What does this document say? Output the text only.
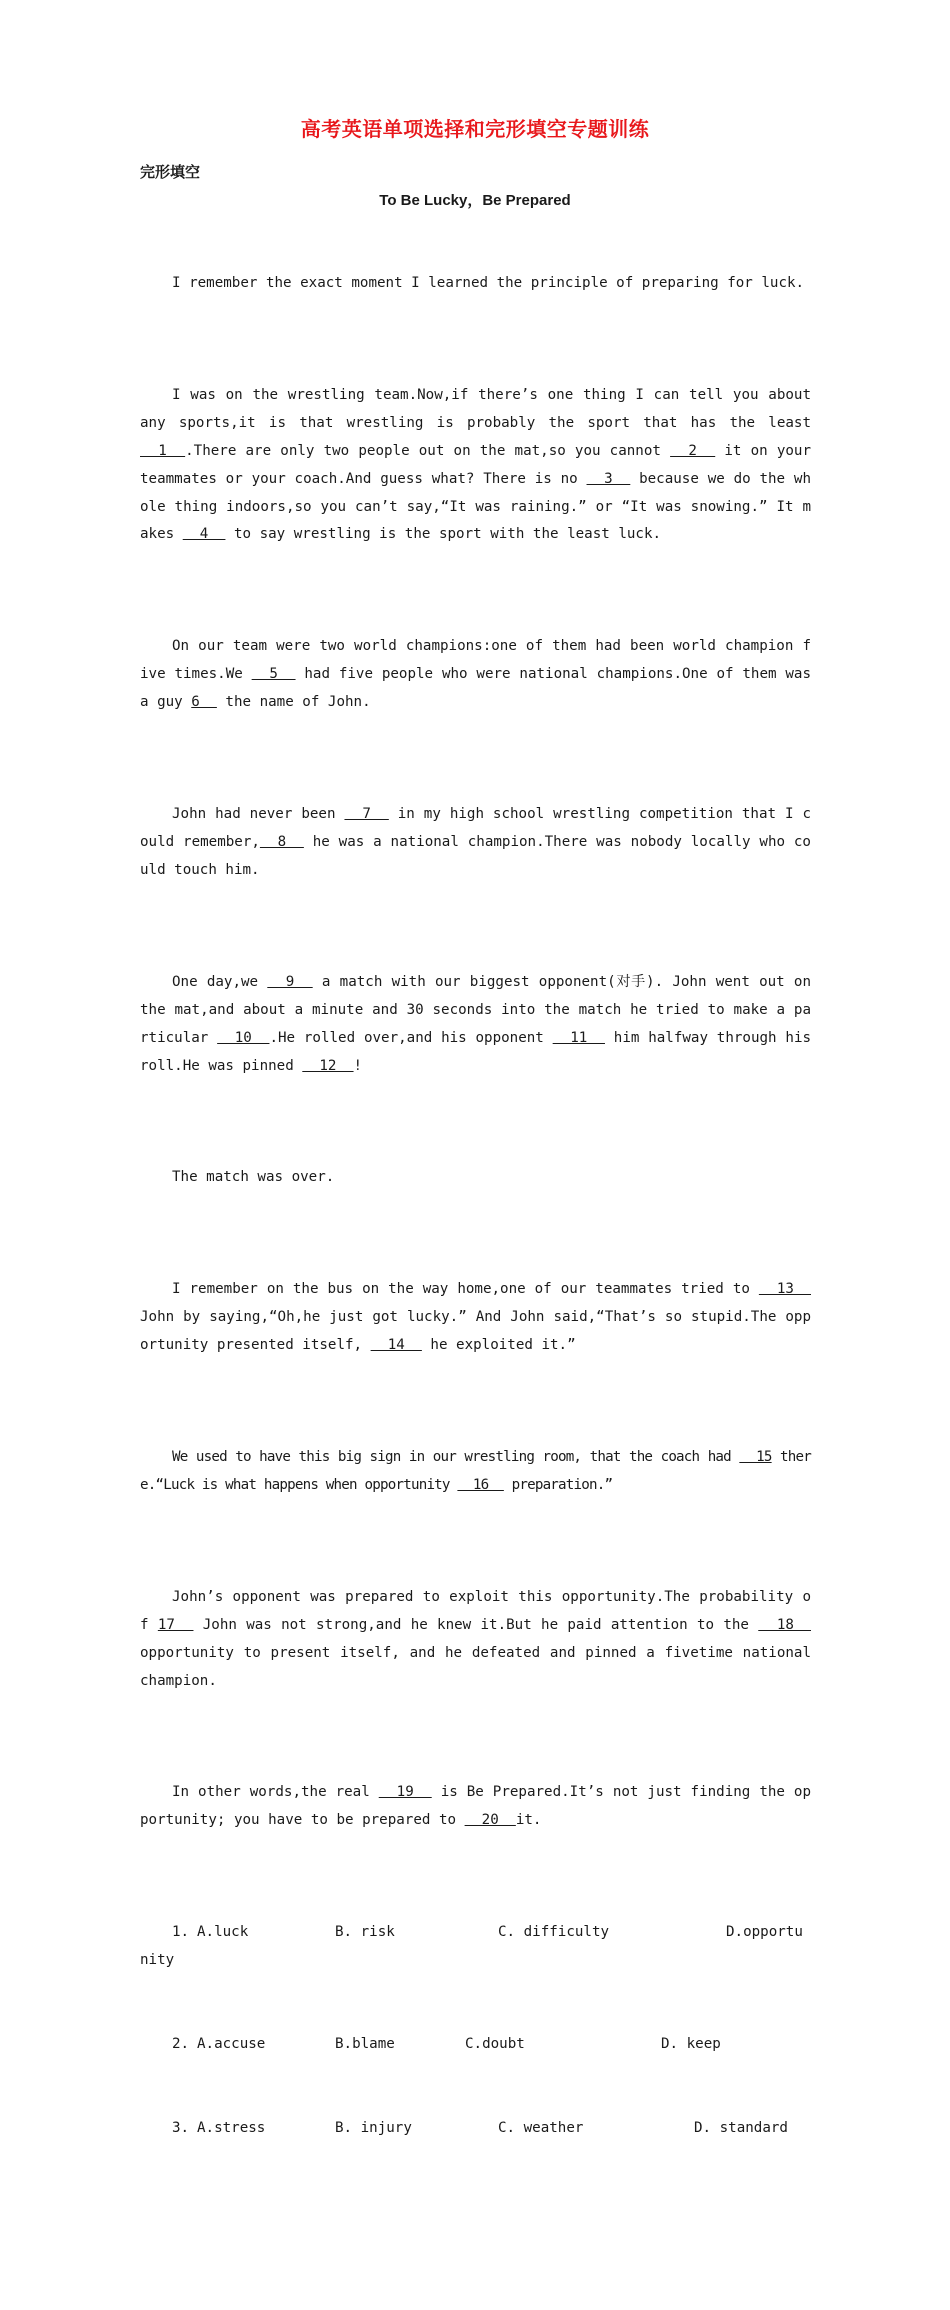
高考英语单项选择和完形填空专题训练
完形填空
To Be Lucky，Be Prepared

I remember the exact moment I learned the principle of preparing for luck.

I was on the wrestling team.Now,if there’s one thing I can tell you about any sports,it is that wrestling is probably the sport that has the least   1  .There are only two people out on the mat,so you cannot   2   it on your teammates or your coach.And guess what? There is no   3   because we do the whole thing indoors,so you can’t say,“It was raining.” or “It was snowing.” It makes   4   to say wrestling is the sport with the least luck.

On our team were two world champions:one of them had been world champion five times.We   5   had five people who were national champions.One of them was a guy 6   the name of John.

John had never been   7   in my high school wrestling competition that I could remember,  8   he was a national champion.There was nobody locally who could touch him.

One day,we   9   a match with our biggest opponent(对手). John went out on the mat,and about a minute and 30 seconds into the match he tried to make a particular   10  .He rolled over,and his opponent   11   him halfway through his roll.He was pinned   12  !

The match was over.

I remember on the bus on the way home,one of our teammates tried to   13   John by saying,“Oh,he just got lucky.” And John said,“That’s so stupid.The opportunity presented itself,   14   he exploited it.”

We used to have this big sign in our wrestling room, that the coach had   15 there.“Luck is what happens when opportunity   16   preparation.”

John’s opponent was prepared to exploit this opportunity.The probability of 17   John was not strong,and he knew it.But he paid attention to the   18   opportunity to present itself, and he defeated and pinned a fivetime national champion.

In other words,the real   19   is Be Prepared.It’s not just finding the opportunity; you have to be prepared to   20  it.

1.

A.luck

	B. risk

	C. difficulty

	D.opportunity

2.

A.accuse

	B.blame

	C.doubt

	D. keep

3.

A.stress

	B. injury

	C. weather

	D. standard
